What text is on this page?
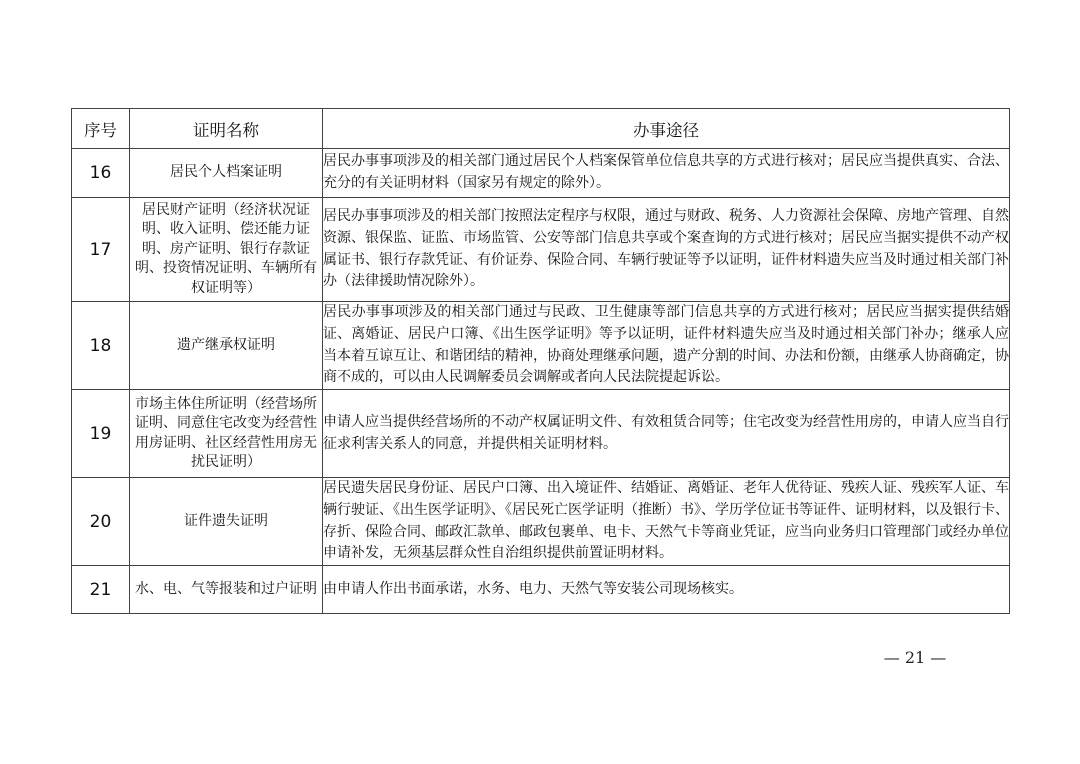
序号	证明名称	办事途径
16	居民个人档案证明	居民办事事项涉及的相关部门通过居民个人档案保管单位信息共享的方式进行核对；居民应当提供真实、合法、充分的有关证明材料（国家另有规定的除外）。
17	居民财产证明（经济状况证明、收入证明、偿还能力证明、房产证明、银行存款证明、投资情况证明、车辆所有权证明等）	居民办事事项涉及的相关部门按照法定程序与权限，通过与财政、税务、人力资源社会保障、房地产管理、自然资源、银保监、证监、市场监管、公安等部门信息共享或个案查询的方式进行核对；居民应当据实提供不动产权属证书、银行存款凭证、有价证券、保险合同、车辆行驶证等予以证明，证件材料遗失应当及时通过相关部门补办（法律援助情况除外）。
18	遗产继承权证明	居民办事事项涉及的相关部门通过与民政、卫生健康等部门信息共享的方式进行核对；居民应当据实提供结婚证、离婚证、居民户口簿、《出生医学证明》等予以证明，证件材料遗失应当及时通过相关部门补办；继承人应当本着互谅互让、和谐团结的精神，协商处理继承问题，遗产分割的时间、办法和份额，由继承人协商确定，协商不成的，可以由人民调解委员会调解或者向人民法院提起诉讼。
19	市场主体住所证明（经营场所证明、同意住宅改变为经营性用房证明、社区经营性用房无扰民证明）	申请人应当提供经营场所的不动产权属证明文件、有效租赁合同等；住宅改变为经营性用房的，申请人应当自行征求利害关系人的同意，并提供相关证明材料。
20	证件遗失证明	居民遗失居民身份证、居民户口簿、出入境证件、结婚证、离婚证、老年人优待证、残疾人证、残疾军人证、车辆行驶证、《出生医学证明》、《居民死亡医学证明（推断）书》、学历学位证书等证件、证明材料，以及银行卡、存折、保险合同、邮政汇款单、邮政包裹单、电卡、天然气卡等商业凭证，应当向业务归口管理部门或经办单位申请补发，无须基层群众性自治组织提供前置证明材料。
21	水、电、气等报装和过户证明	由申请人作出书面承诺，水务、电力、天然气等安装公司现场核实。
— 21 —
